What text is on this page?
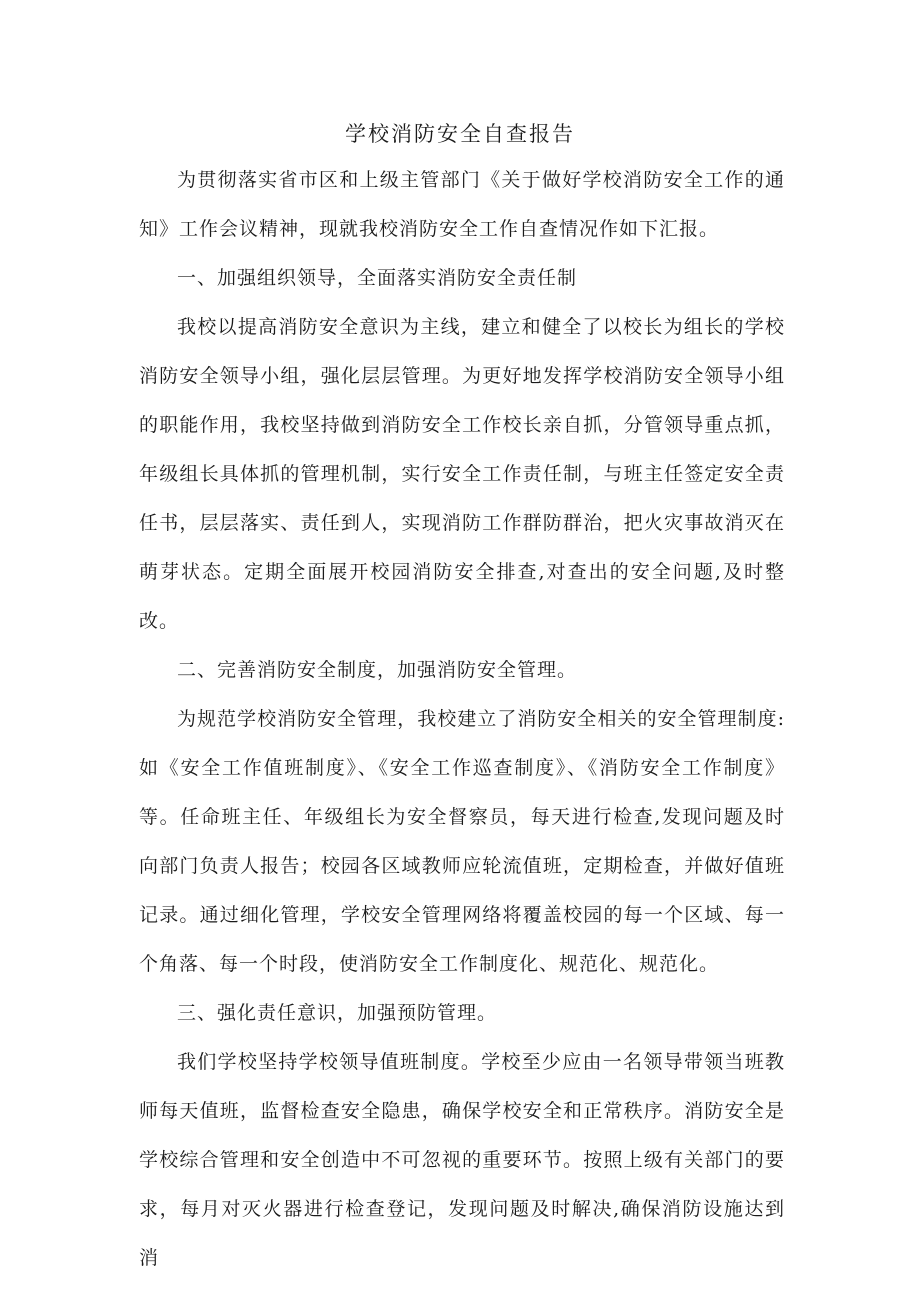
学校消防安全自查报告

为贯彻落实省市区和上级主管部门《关于做好学校消防安全工作的通知》工作会议精神，现就我校消防安全工作自查情况作如下汇报。

一、加强组织领导，全面落实消防安全责任制

我校以提高消防安全意识为主线，建立和健全了以校长为组长的学校消防安全领导小组，强化层层管理。为更好地发挥学校消防安全领导小组的职能作用，我校坚持做到消防安全工作校长亲自抓，分管领导重点抓，年级组长具体抓的管理机制，实行安全工作责任制，与班主任签定安全责任书，层层落实、责任到人，实现消防工作群防群治，把火灾事故消灭在萌芽状态。定期全面展开校园消防安全排查,对查出的安全问题,及时整改。

二、完善消防安全制度，加强消防安全管理。

为规范学校消防安全管理，我校建立了消防安全相关的安全管理制度:如《安全工作值班制度》、《安全工作巡查制度》、《消防安全工作制度》等。任命班主任、年级组长为安全督察员，每天进行检查,发现问题及时向部门负责人报告；校园各区域教师应轮流值班，定期检查，并做好值班记录。通过细化管理，学校安全管理网络将覆盖校园的每一个区域、每一个角落、每一个时段，使消防安全工作制度化、规范化、规范化。

三、强化责任意识，加强预防管理。

我们学校坚持学校领导值班制度。学校至少应由一名领导带领当班教师每天值班，监督检查安全隐患，确保学校安全和正常秩序。消防安全是学校综合管理和安全创造中不可忽视的重要环节。按照上级有关部门的要求，每月对灭火器进行检查登记，发现问题及时解决,确保消防设施达到消
